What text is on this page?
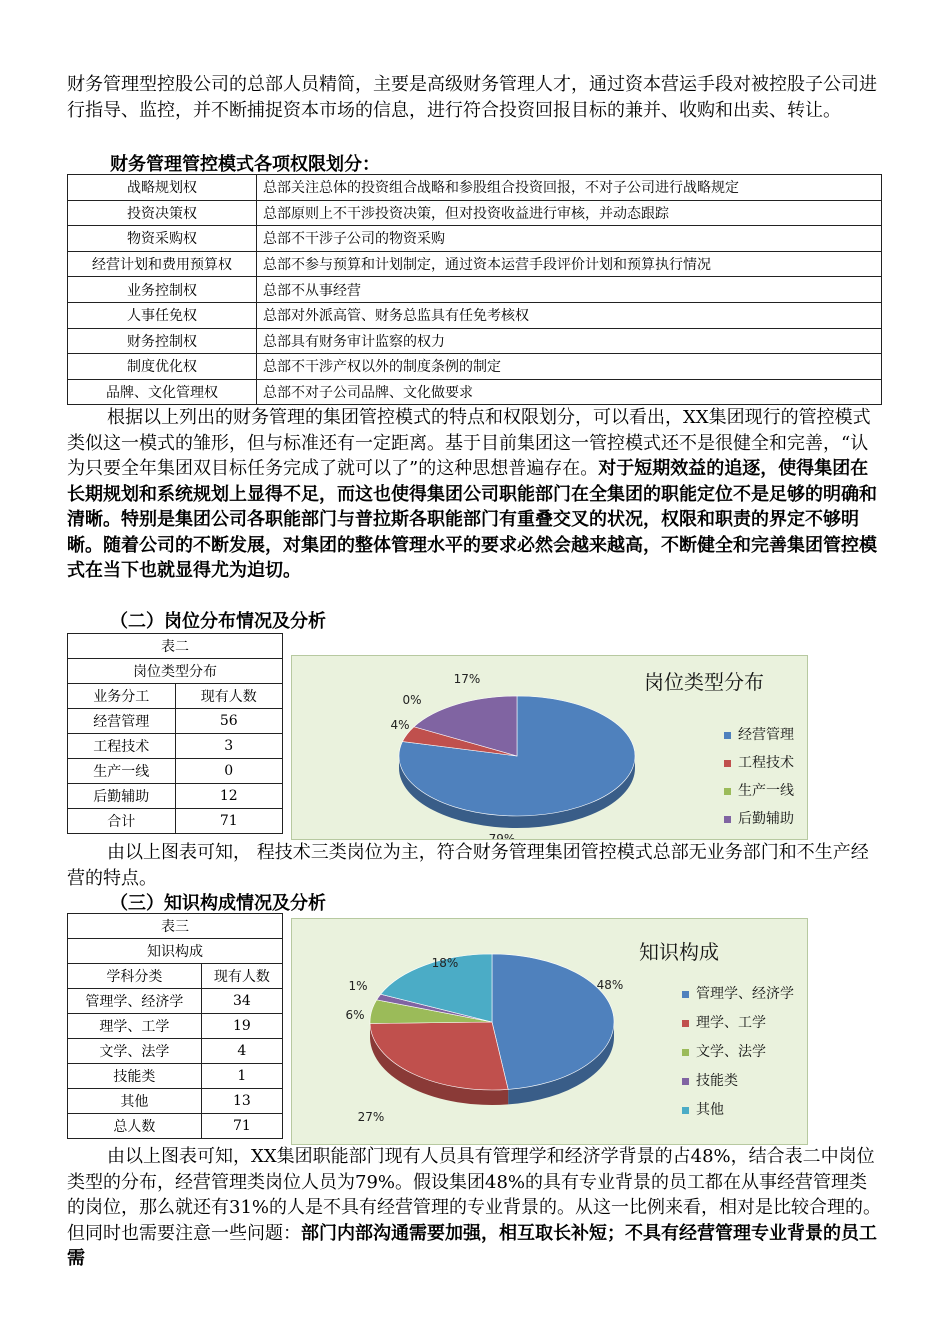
财务管理型控股公司的总部人员精简，主要是高级财务管理人才，通过资本营运手段对被控股子公司进行指导、监控，并不断捕捉资本市场的信息，进行符合投资回报目标的兼并、收购和出卖、转让。

财务管理管控模式各项权限划分：
战略规划权	总部关注总体的投资组合战略和参股组合投资回报，不对子公司进行战略规定
投资决策权	总部原则上不干涉投资决策，但对投资收益进行审核，并动态跟踪
物资采购权	总部不干涉子公司的物资采购
经营计划和费用预算权	总部不参与预算和计划制定，通过资本运营手段评价计划和预算执行情况
业务控制权	总部不从事经营
人事任免权	总部对外派高管、财务总监具有任免考核权
财务控制权	总部具有财务审计监察的权力
制度优化权	总部不干涉产权以外的制度条例的制定
品牌、文化管理权	总部不对子公司品牌、文化做要求

根据以上列出的财务管理的集团管控模式的特点和权限划分，可以看出，XX集团现行的管控模式类似这一模式的雏形，但与标准还有一定距离。基于目前集团这一管控模式还不是很健全和完善，“认为只要全年集团双目标任务完成了就可以了”的这种思想普遍存在。对于短期效益的追逐，使得集团在长期规划和系统规划上显得不足，而这也使得集团公司职能部门在全集团的职能定位不是足够的明确和清晰。特别是集团公司各职能部门与普拉斯各职能部门有重叠交叉的状况，权限和职责的界定不够明晰。随着公司的不断发展，对集团的整体管理水平的要求必然会越来越高，不断健全和完善集团管控模式在当下也就显得尤为迫切。

（二）岗位分布情况及分析
表二	
岗位类型分布	
业务分工	现有人数
经营管理	56
工程技术	3
生产一线	0
后勤辅助	12
合计	71
岗位类型分布
79%
4%
0%
17%
经营管理
工程技术
生产一线
后勤辅助

由以上图表可知， 程技术三类岗位为主，符合财务管理集团管控模式总部无业务部门和不生产经营的特点。

（三）知识构成情况及分析
表三	
知识构成	
学科分类	现有人数
管理学、经济学	34
理学、工学	19
文学、法学	4
技能类	1
其他	13
总人数	71
知识构成
48%
27%
6%
1%
18%
管理学、经济学
理学、工学
文学、法学
技能类
其他

由以上图表可知，XX集团职能部门现有人员具有管理学和经济学背景的占48%，结合表二中岗位类型的分布，经营管理类岗位人员为79%。假设集团48%的具有专业背景的员工都在从事经营管理类的岗位，那么就还有31%的人是不具有经营管理的专业背景的。从这一比例来看，相对是比较合理的。但同时也需要注意一些问题：部门内部沟通需要加强，相互取长补短；不具有经营管理专业背景的员工需
